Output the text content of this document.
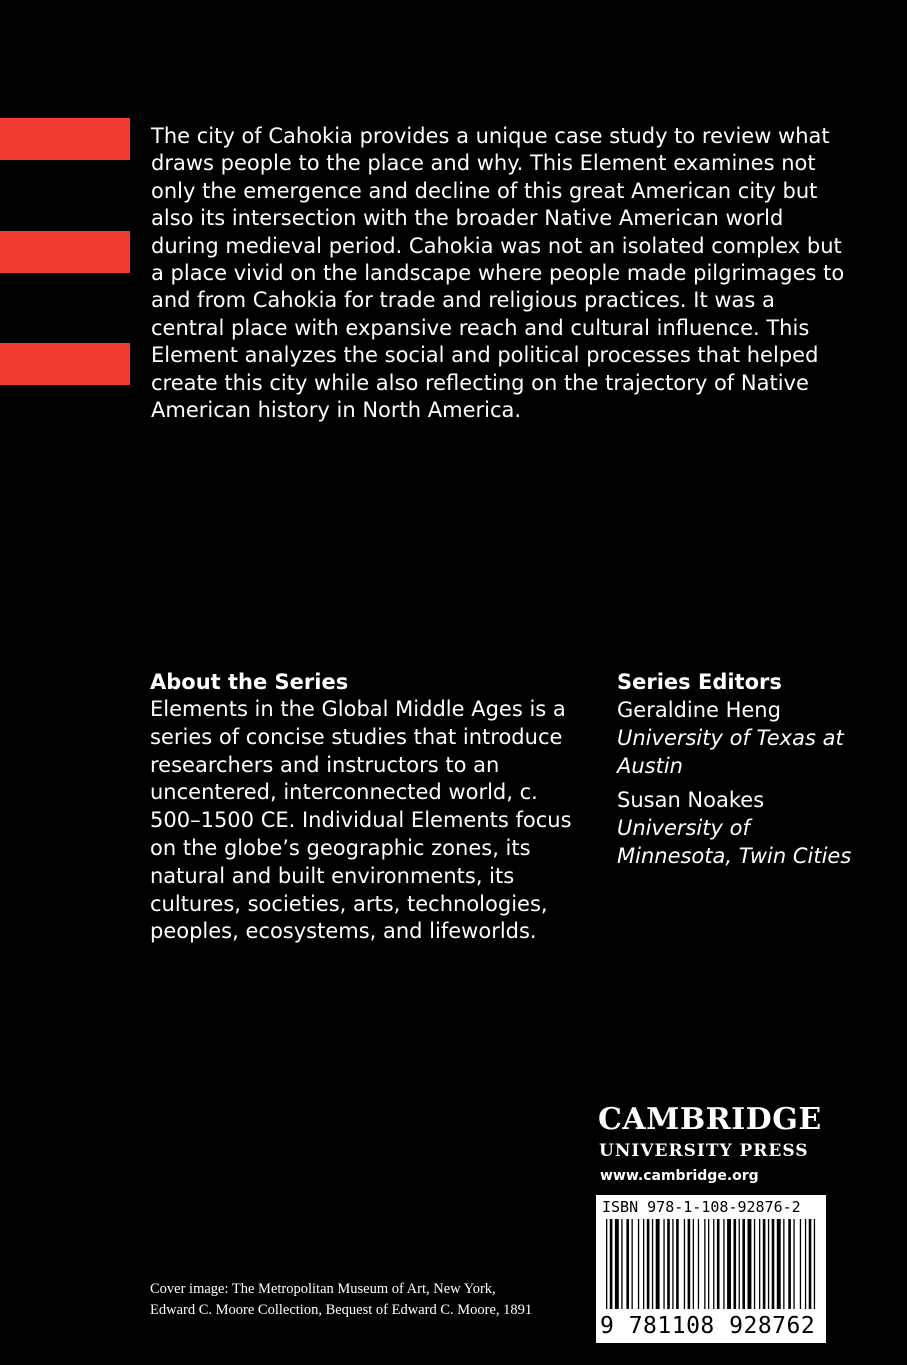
The city of Cahokia provides a unique case study to review what draws people to the place and why. This Element examines not only the emergence and decline of this great American city but also its intersection with the broader Native American world during medieval period. Cahokia was not an isolated complex but a place vivid on the landscape where people made pilgrimages to and from Cahokia for trade and religious practices. It was a central place with expansive reach and cultural influence. This Element analyzes the social and political processes that helped create this city while also reflecting on the trajectory of Native American history in North America.

About the Series

Elements in the Global Middle Ages is a series of concise studies that introduce researchers and instructors to an uncentered, interconnected world, c. 500–1500 CE. Individual Elements focus on the globe’s geographic zones, its natural and built environments, its cultures, societies, arts, technologies, peoples, ecosystems, and lifeworlds.

Series Editors
Geraldine Heng
University of Texas at Austin
Susan Noakes
University of Minnesota, Twin Cities
CAMBRIDGE
UNIVERSITY PRESS
www.cambridge.org
ISBN 978-1-108-92876-2
9 781108 928762 >
Cover image: The Metropolitan Museum of Art, New York,
Edward C. Moore Collection, Bequest of Edward C. Moore, 1891
